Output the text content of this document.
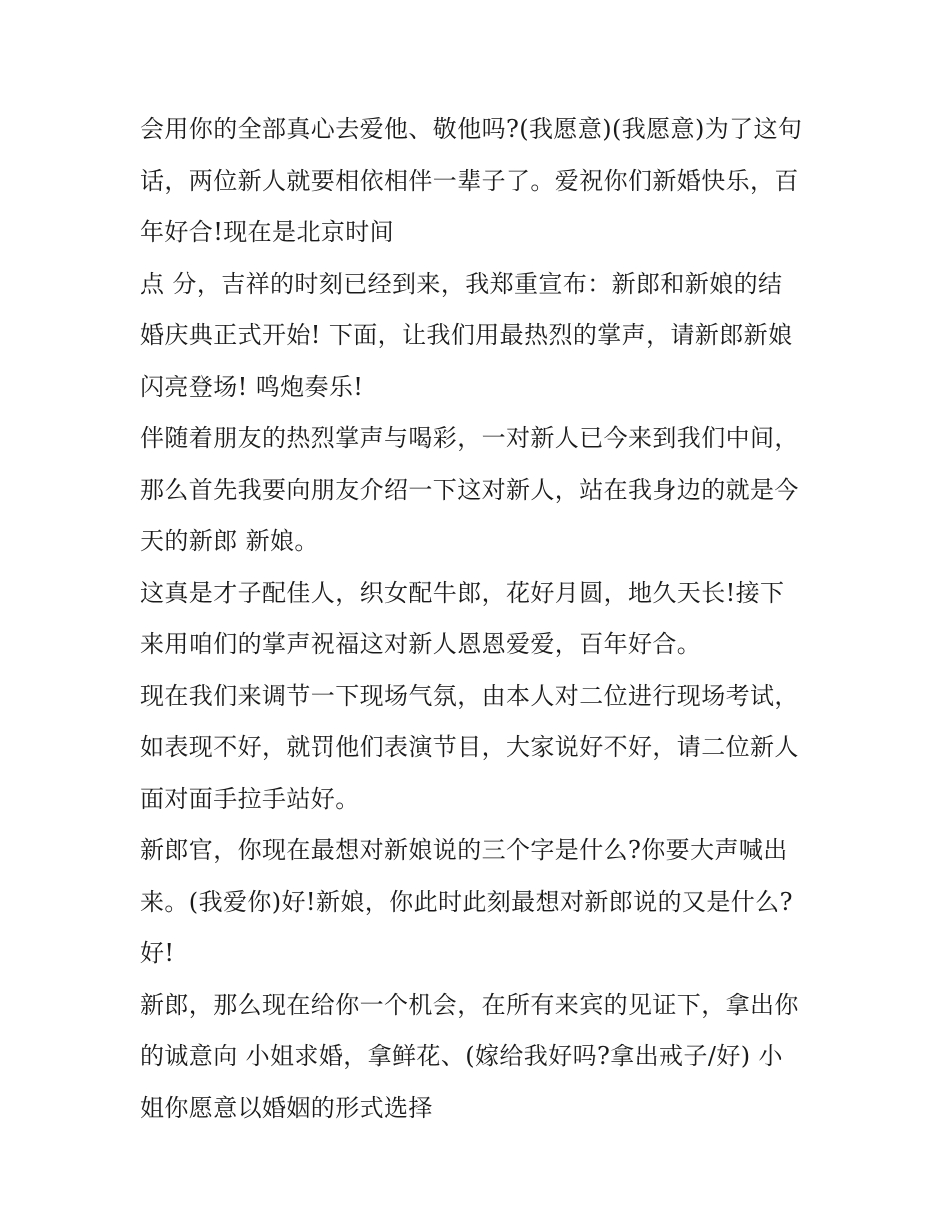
会用你的全部真心去爱他、敬他吗?(我愿意)(我愿意)为了这句
话，两位新人就要相依相伴一辈子了。爱祝你们新婚快乐，百
年好合!现在是北京时间

点 分，吉祥的时刻已经到来，我郑重宣布：新郎和新娘的结
婚庆典正式开始! 下面，让我们用最热烈的掌声，请新郎新娘
闪亮登场! 鸣炮奏乐!

伴随着朋友的热烈掌声与喝彩，一对新人已今来到我们中间，
那么首先我要向朋友介绍一下这对新人，站在我身边的就是今
天的新郎 新娘。

这真是才子配佳人，织女配牛郎，花好月圆，地久天长!接下
来用咱们的掌声祝福这对新人恩恩爱爱，百年好合。

现在我们来调节一下现场气氛，由本人对二位进行现场考试，
如表现不好，就罚他们表演节目，大家说好不好，请二位新人
面对面手拉手站好。

新郎官，你现在最想对新娘说的三个字是什么?你要大声喊出
来。(我爱你)好!新娘，你此时此刻最想对新郎说的又是什么?
好!

新郎，那么现在给你一个机会，在所有来宾的见证下，拿出你
的诚意向 小姐求婚，拿鲜花、(嫁给我好吗?拿出戒子/好) 小
姐你愿意以婚姻的形式选择
